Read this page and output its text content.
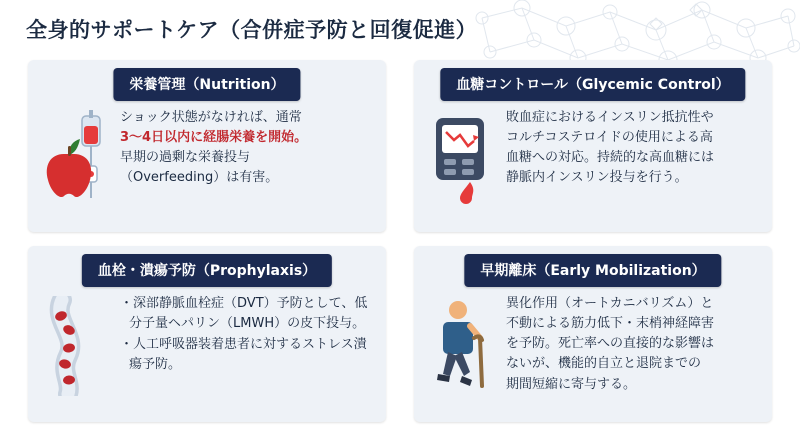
全身的サポートケア（合併症予防と回復促進）
栄養管理（Nutrition）

ショック状態がなければ、通常

3〜4日以内に経腸栄養を開始。

早期の過剰な栄養投与

（Overfeeding）は有害。

血糖コントロール（Glycemic Control）

敗血症におけるインスリン抵抗性や

コルチコステロイドの使用による高

血糖への対応。持続的な高血糖には

静脈内インスリン投与を行う。

血栓・潰瘍予防（Prophylaxis）
・ 深部静脈血栓症（DVT）予防として、低分子量ヘパリン（LMWH）の皮下投与。
・ 人工呼吸器装着患者に対するストレス潰瘍予防。
早期離床（Early Mobilization）

異化作用（オートカニバリズム）と

不動による筋力低下・末梢神経障害

を予防。死亡率への直接的な影響は

ないが、機能的自立と退院までの

期間短縮に寄与する。
